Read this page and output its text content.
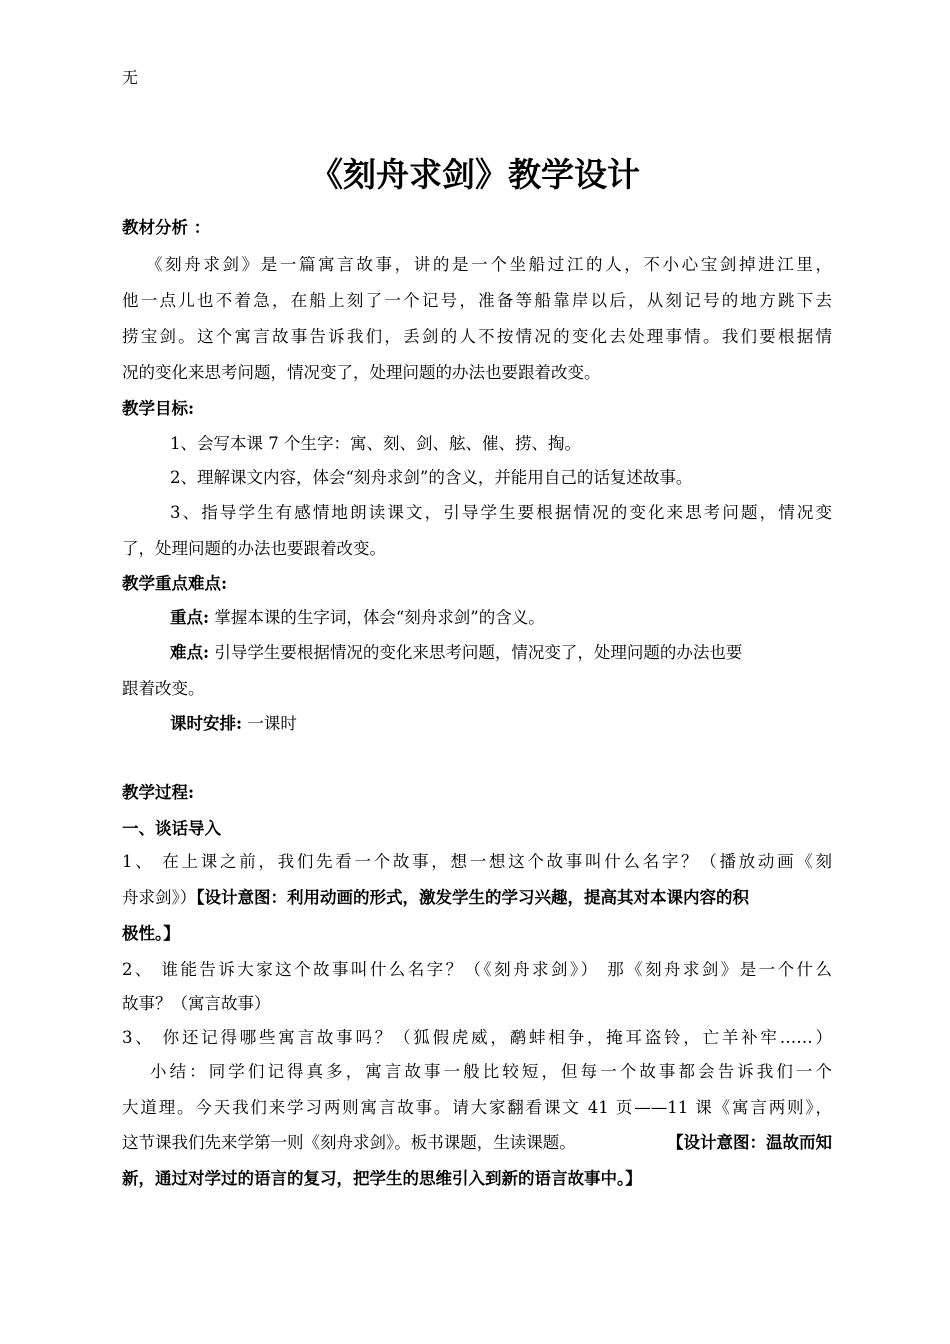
无
《刻舟求剑》教学设计
教材分析 ：
《刻舟求剑》是一篇寓言故事，讲的是一个坐船过江的人，不小心宝剑掉进江里，
他一点儿也不着急，在船上刻了一个记号，准备等船靠岸以后，从刻记号的地方跳下去
捞宝剑。这个寓言故事告诉我们，丢剑的人不按情况的变化去处理事情。我们要根据情
况的变化来思考问题，情况变了，处理问题的办法也要跟着改变。
教学目标:
1、会写本课 7 个生字：寓、刻、剑、舷、催、捞、掏。
2、理解课文内容，体会“刻舟求剑”的含义，并能用自己的话复述故事。
3、指导学生有感情地朗读课文，引导学生要根据情况的变化来思考问题，情况变
了，处理问题的办法也要跟着改变。
教学重点难点:
重点: 掌握本课的生字词，体会“刻舟求剑”的含义。
难点: 引导学生要根据情况的变化来思考问题，情况变了，处理问题的办法也要
跟着改变。
课时安排: 一课时
教学过程:
一、谈话导入
1、 在上课之前，我们先看一个故事，想一想这个故事叫什么名字？（播放动画《刻
舟求剑》）【设计意图：利用动画的形式，激发学生的学习兴趣，提高其对本课内容的积
极性。】
2、 谁能告诉大家这个故事叫什么名字？（《刻舟求剑》） 那《刻舟求剑》是一个什么
故事？（寓言故事）
3、 你还记得哪些寓言故事吗？（狐假虎威，鹬蚌相争，掩耳盗铃，亡羊补牢……）
小结：同学们记得真多，寓言故事一般比较短，但每一个故事都会告诉我们一个
大道理。今天我们来学习两则寓言故事。请大家翻看课文 41 页——11 课《寓言两则》，
这节课我们先来学第一则《刻舟求剑》。板书课题，生读课题。	【设计意图：温故而知
新，通过对学过的语言的复习，把学生的思维引入到新的语言故事中。】
